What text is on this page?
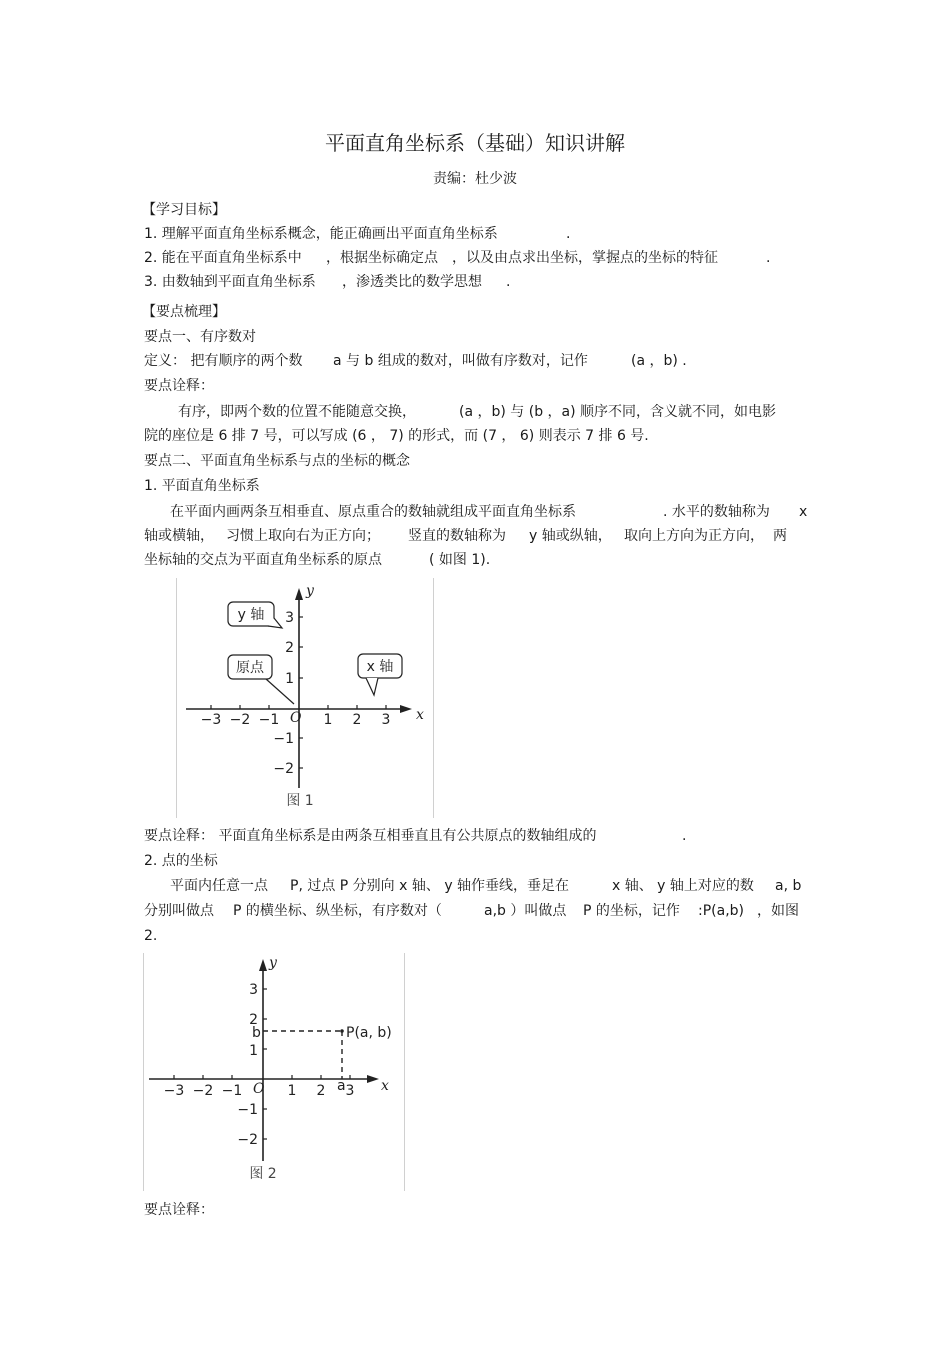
平面直角坐标系（基础）知识讲解
责编：杜少波
【学习目标】
1. 理解平面直角坐标系概念，能正确画出平面直角坐标系	.
2. 能在平面直角坐标系中 ，根据坐标确定点 ，以及由点求出坐标，掌握点的坐标的特征	.
3. 由数轴到平面直角坐标系 ，渗透类比的数学思想 .
【要点梳理】
要点一、有序数对
定义： 把有顺序的两个数 a 与 b 组成的数对，叫做有序数对，记作	(a ，b) .
要点诠释：
有序，即两个数的位置不能随意交换，	(a ，b) 与 (b ，a) 顺序不同，含义就不同，如电影
院的座位是 6 排 7 号，可以写成 (6 ， 7) 的形式，而 (7 ， 6) 则表示 7 排 6 号.
要点二、平面直角坐标系与点的坐标的概念
1. 平面直角坐标系
在平面内画两条互相垂直、原点重合的数轴就组成平面直角坐标系	. 水平的数轴称为 x
轴或横轴， 习惯上取向右为正方向； 竖直的数轴称为 y 轴或纵轴， 取向上方向为正方向， 两
坐标轴的交点为平面直角坐标系的原点	( 如图 1).
−3 −2 −1	1 2 3
3
2
1
−1
−2
O	x
y
y 轴
原点	x 轴
图 1
要点诠释： 平面直角坐标系是由两条互相垂直且有公共原点的数轴组成的	.
2. 点的坐标
平面内任意一点 P, 过点 P 分别向 x 轴、 y 轴作垂线，垂足在	x 轴、 y 轴上对应的数 a, b
分别叫做点 P 的横坐标、纵坐标，有序数对（	a,b ）叫做点 P 的坐标，记作 :P(a,b) ，如图
2.
−3 −2 −1	1 2 3
3
2
1
−1
−2
b
a
P(a, b)
O	x
y
图 2
要点诠释：
